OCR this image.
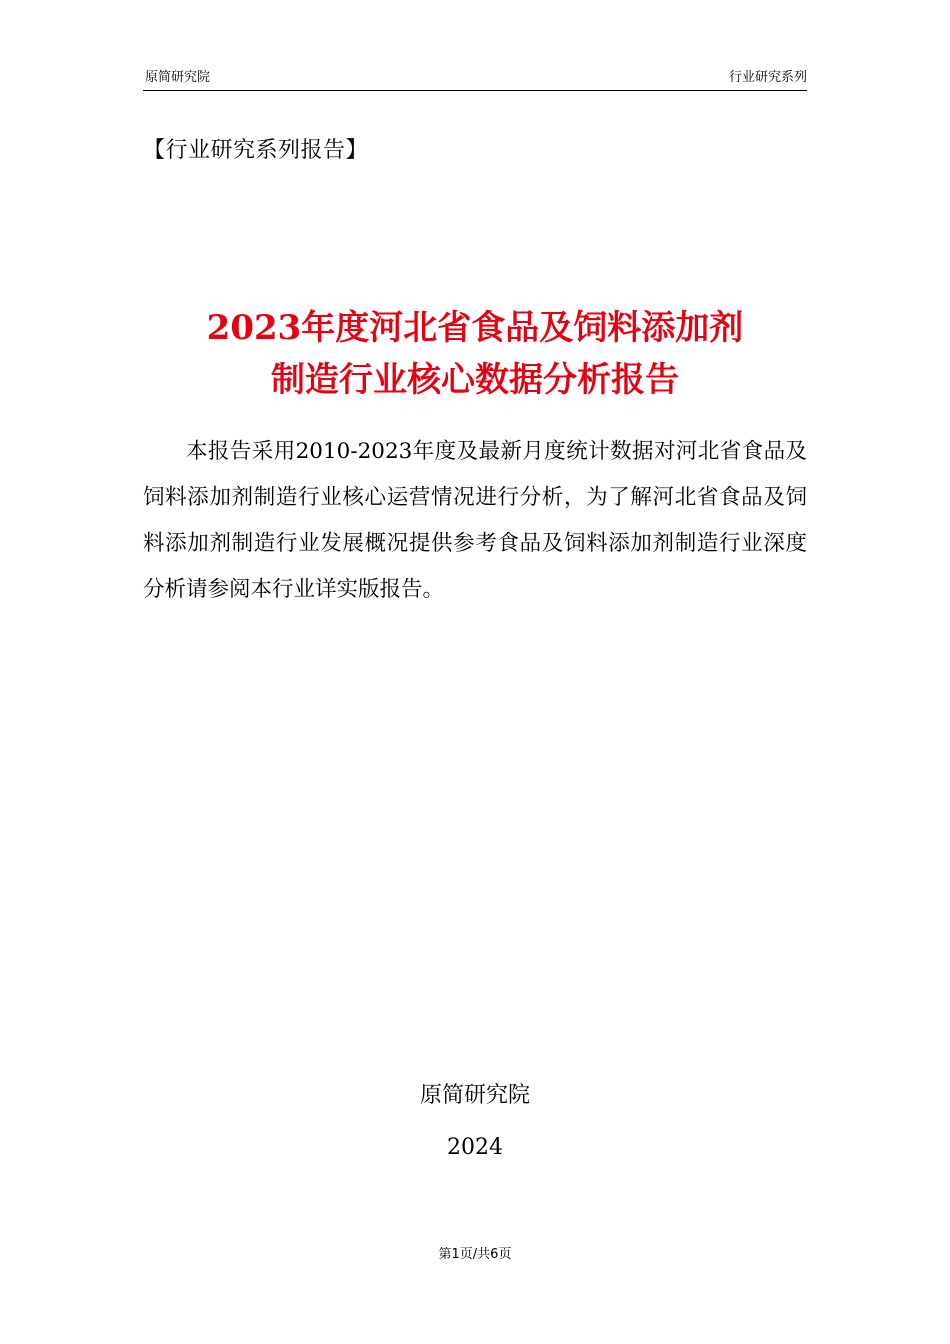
原简研究院	行业研究系列
【行业研究系列报告】
2023年度河北省食品及饲料添加剂
制造行业核心数据分析报告

本报告采用2010-2023年度及最新月度统计数据对河北省食品及饲料添加剂制造行业核心运营情况进行分析，为了解河北省食品及饲料添加剂制造行业发展概况提供参考食品及饲料添加剂制造行业深度分析请参阅本行业详实版报告。

原简研究院
2024
第1页/共6页
